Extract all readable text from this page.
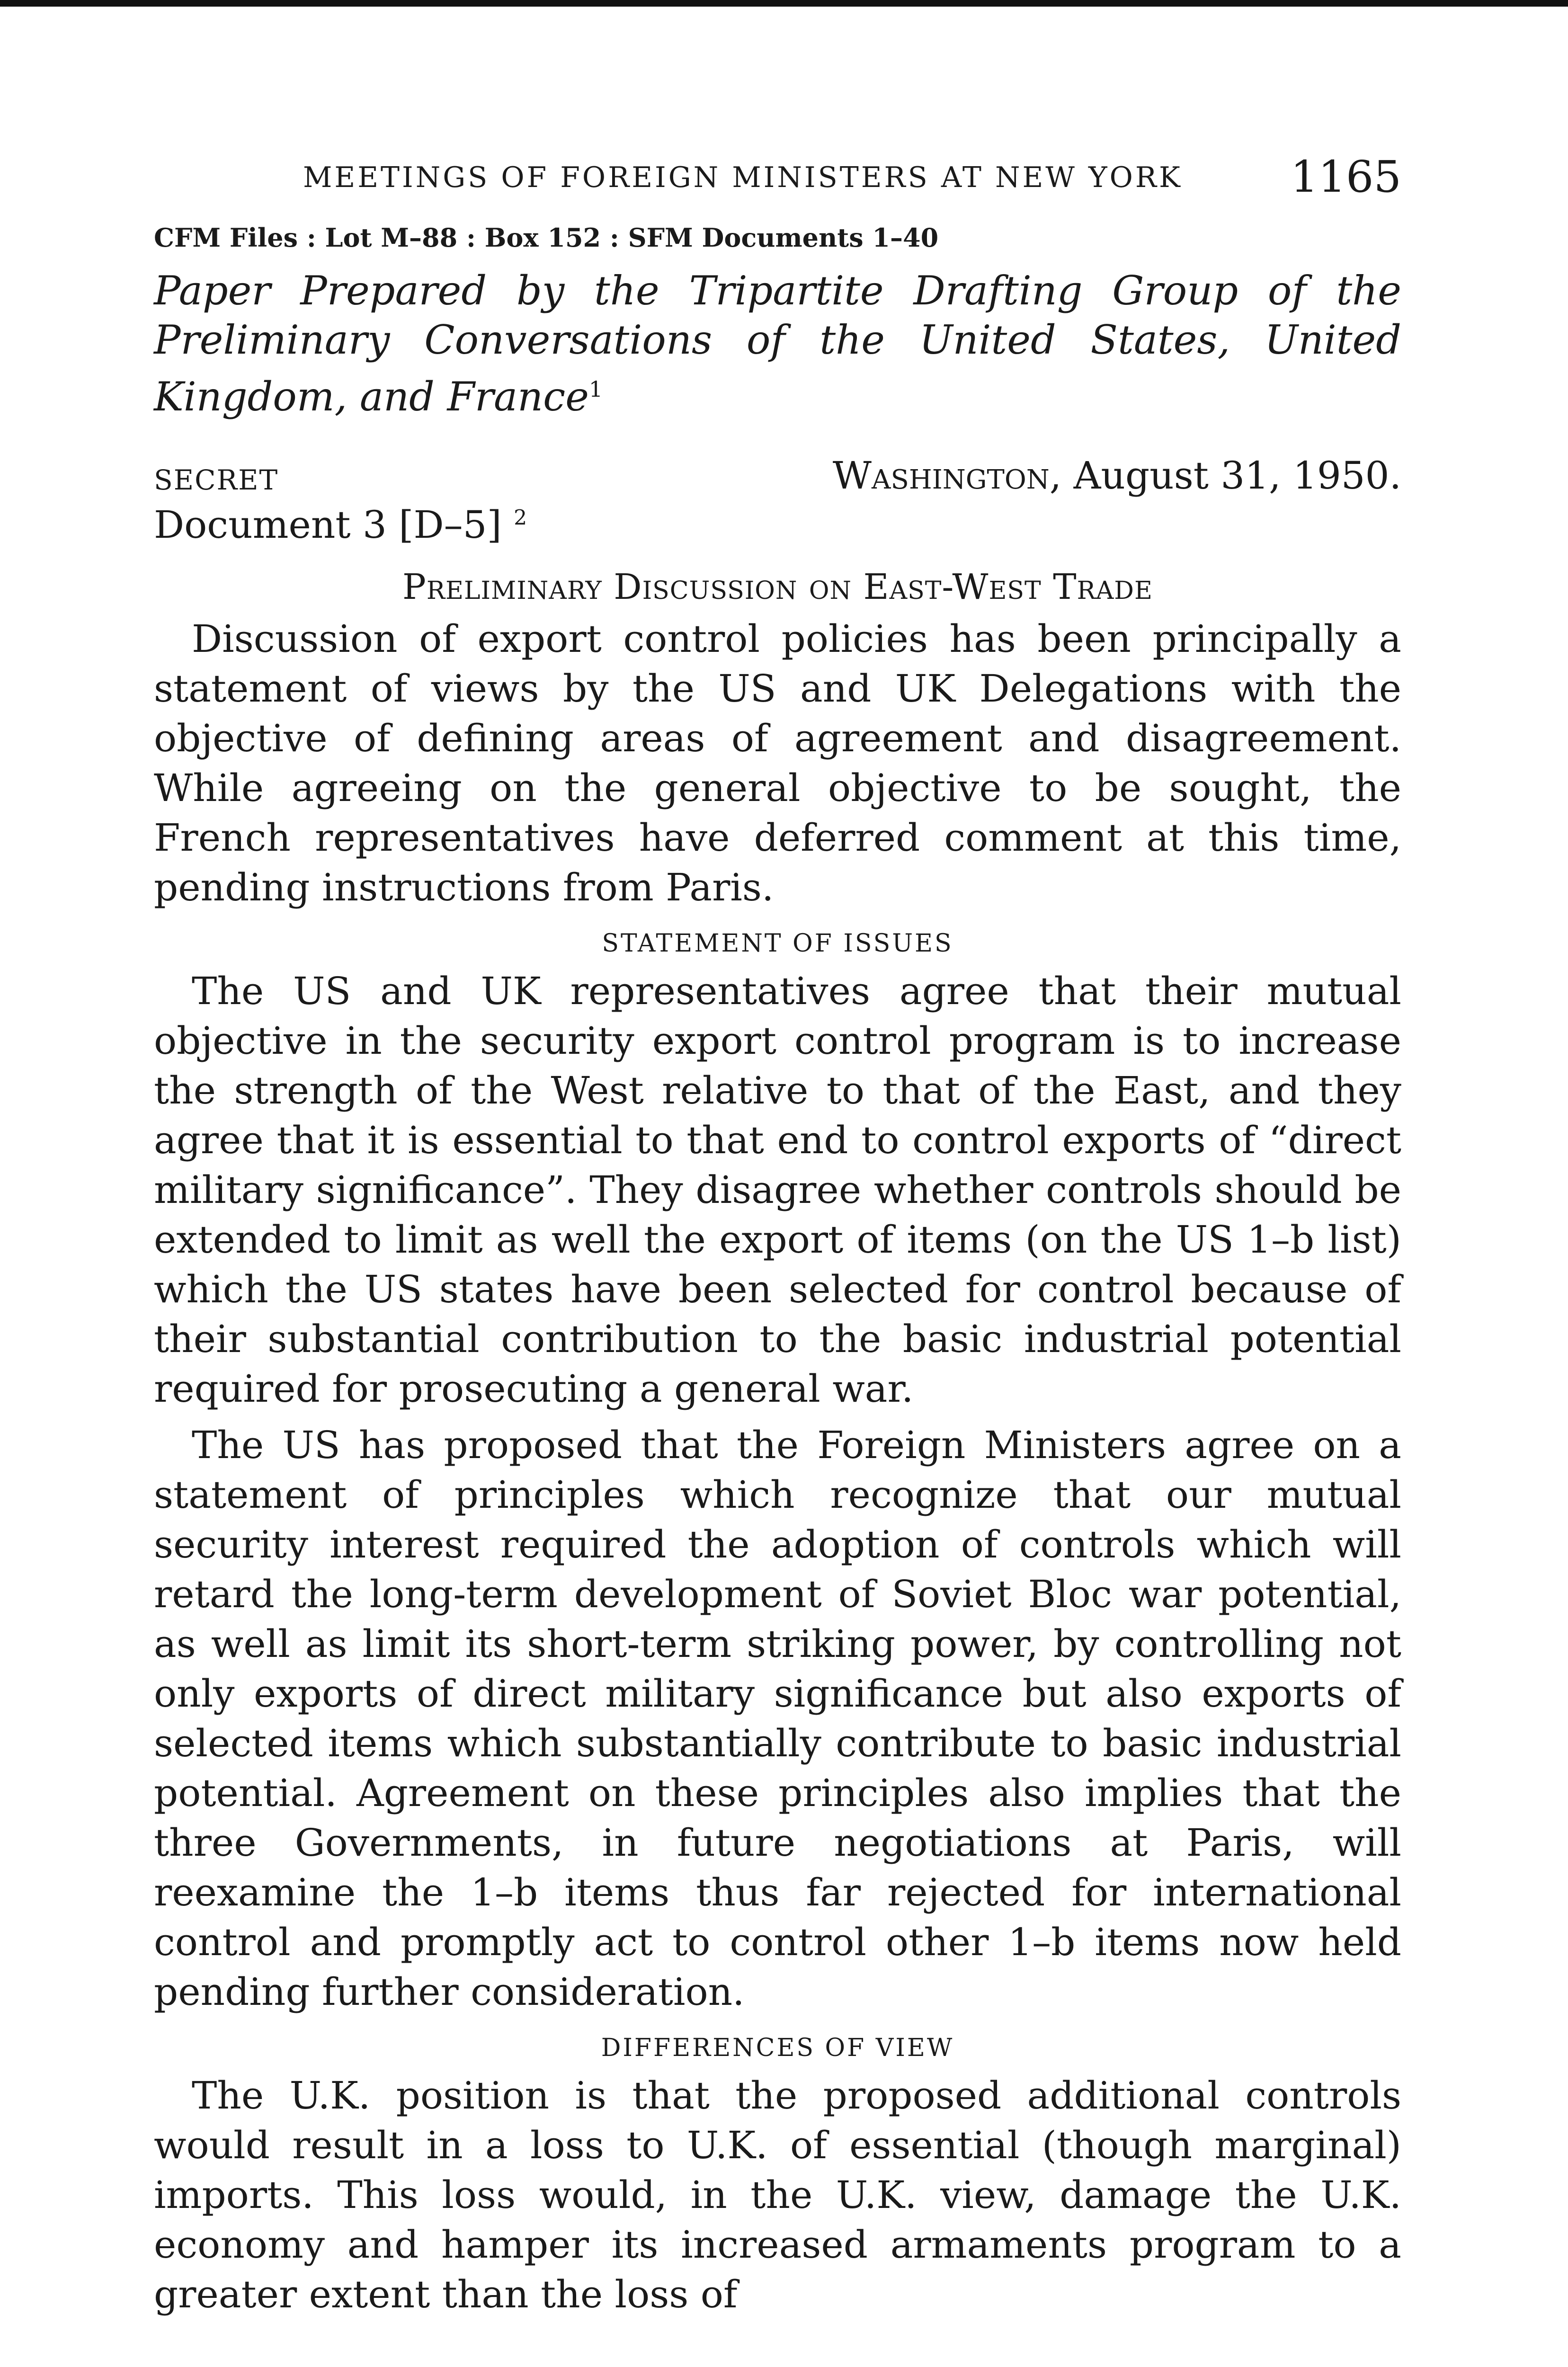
MEETINGS OF FOREIGN MINISTERS AT NEW YORK 1165
CFM Files : Lot M–88 : Box 152 : SFM Documents 1–40
Paper Prepared by the Tripartite Drafting Group of the Preliminary Conversations of the United States, United Kingdom, and France$^1$
SECRET	Washington, August 31, 1950.
Document 3 [D–5] $^2$
Preliminary Discussion on East-West Trade

Discussion of export control policies has been principally a statement of views by the US and UK Delegations with the objective of defining areas of agreement and disagreement. While agreeing on the general objective to be sought, the French representatives have deferred comment at this time, pending instructions from Paris.

STATEMENT OF ISSUES

The US and UK representatives agree that their mutual objective in the security export control program is to increase the strength of the West relative to that of the East, and they agree that it is essential to that end to control exports of “direct military significance”. They disagree whether controls should be extended to limit as well the export of items (on the US 1–b list) which the US states have been selected for control because of their substantial contribution to the basic industrial potential required for prosecuting a general war.

The US has proposed that the Foreign Ministers agree on a statement of principles which recognize that our mutual security interest required the adoption of controls which will retard the long-term development of Soviet Bloc war potential, as well as limit its short-term striking power, by controlling not only exports of direct military significance but also exports of selected items which substantially contribute to basic industrial potential. Agreement on these principles also implies that the three Governments, in future negotiations at Paris, will reexamine the 1–b items thus far rejected for international control and promptly act to control other 1–b items now held pending further consideration.

DIFFERENCES OF VIEW

The U.K. position is that the proposed additional controls would result in a loss to U.K. of essential (though marginal) imports. This loss would, in the U.K. view, damage the U.K. economy and hamper its increased armaments program to a greater extent than the loss of
